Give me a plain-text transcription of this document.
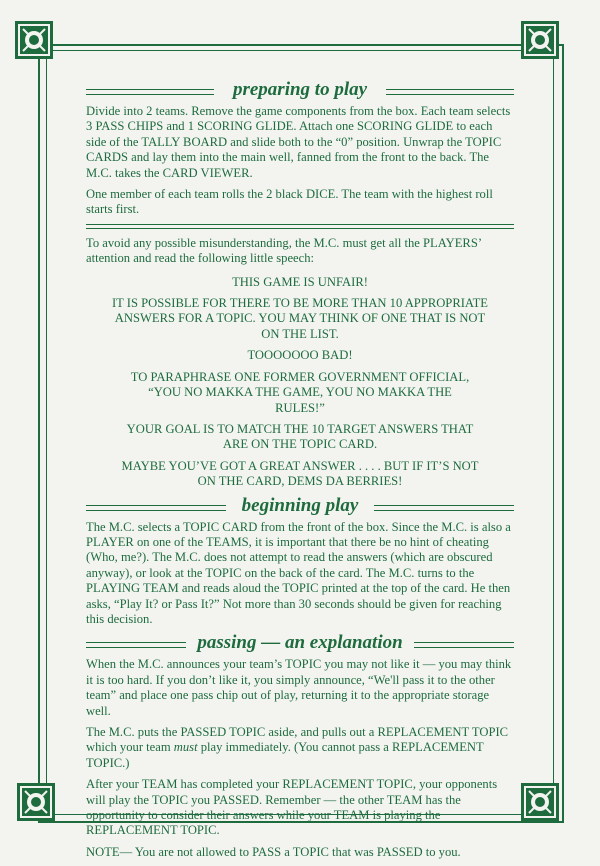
preparing to play

Divide into 2 teams. Remove the game components from the box. Each team selects 3 PASS CHIPS and 1 SCORING GLIDE. Attach one SCORING GLIDE to each side of the TALLY BOARD and slide both to the “0” position. Unwrap the TOPIC CARDS and lay them into the main well, fanned from the front to the back. The M.C. takes the CARD VIEWER.

One member of each team rolls the 2 black DICE. The team with the highest roll starts first.

To avoid any possible misunderstanding, the M.C. must get all the PLAYERS’ attention and read the following little speech:

THIS GAME IS UNFAIR!

IT IS POSSIBLE FOR THERE TO BE MORE THAN 10 APPROPRIATE ANSWERS FOR A TOPIC. YOU MAY THINK OF ONE THAT IS NOT ON THE LIST.

TOOOOOOO BAD!

TO PARAPHRASE ONE FORMER GOVERNMENT OFFICIAL, “YOU NO MAKKA THE GAME, YOU NO MAKKA THE RULES!”

YOUR GOAL IS TO MATCH THE 10 TARGET ANSWERS THAT ARE ON THE TOPIC CARD.

MAYBE YOU’VE GOT A GREAT ANSWER . . . . BUT IF IT’S NOT ON THE CARD, DEMS DA BERRIES!

beginning play

The M.C. selects a TOPIC CARD from the front of the box. Since the M.C. is also a PLAYER on one of the TEAMS, it is important that there be no hint of cheating (Who, me?). The M.C. does not attempt to read the answers (which are obscured anyway), or look at the TOPIC on the back of the card. The M.C. turns to the PLAYING TEAM and reads aloud the TOPIC printed at the top of the card. He then asks, “Play It? or Pass It?” Not more than 30 seconds should be given for reaching this decision.

passing — an explanation

When the M.C. announces your team’s TOPIC you may not like it — you may think it is too hard. If you don’t like it, you simply announce, “We'll pass it to the other team” and place one pass chip out of play, returning it to the appropriate storage well.

The M.C. puts the PASSED TOPIC aside, and pulls out a REPLACEMENT TOPIC which your team must play immediately. (You cannot pass a REPLACEMENT TOPIC.)

After your TEAM has completed your REPLACEMENT TOPIC, your opponents will play the TOPIC you PASSED. Remember — the other TEAM has the opportunity to consider their answers while your TEAM is playing the REPLACEMENT TOPIC.

NOTE— You are not allowed to PASS a TOPIC that was PASSED to you.
